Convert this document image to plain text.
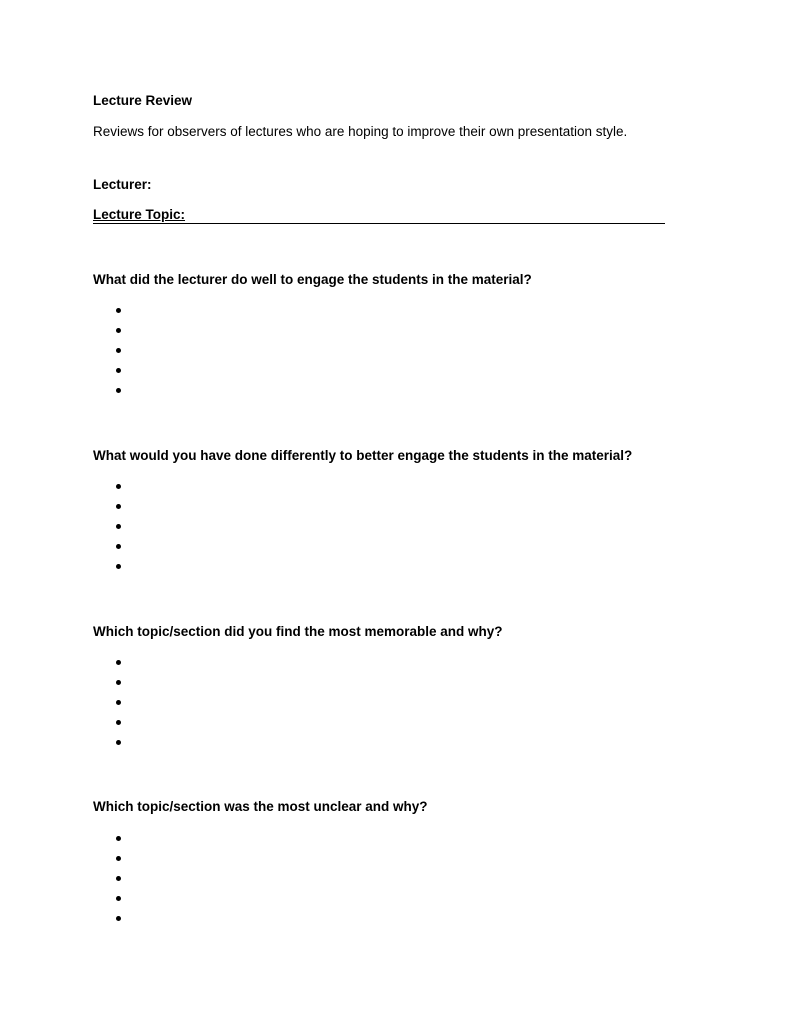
Lecture Review
Reviews for observers of lectures who are hoping to improve their own presentation style.
Lecturer:
Lecture Topic:
What did the lecturer do well to engage the students in the material?
What would you have done differently to better engage the students in the material?
Which topic/section did you find the most memorable and why?
Which topic/section was the most unclear and why?
